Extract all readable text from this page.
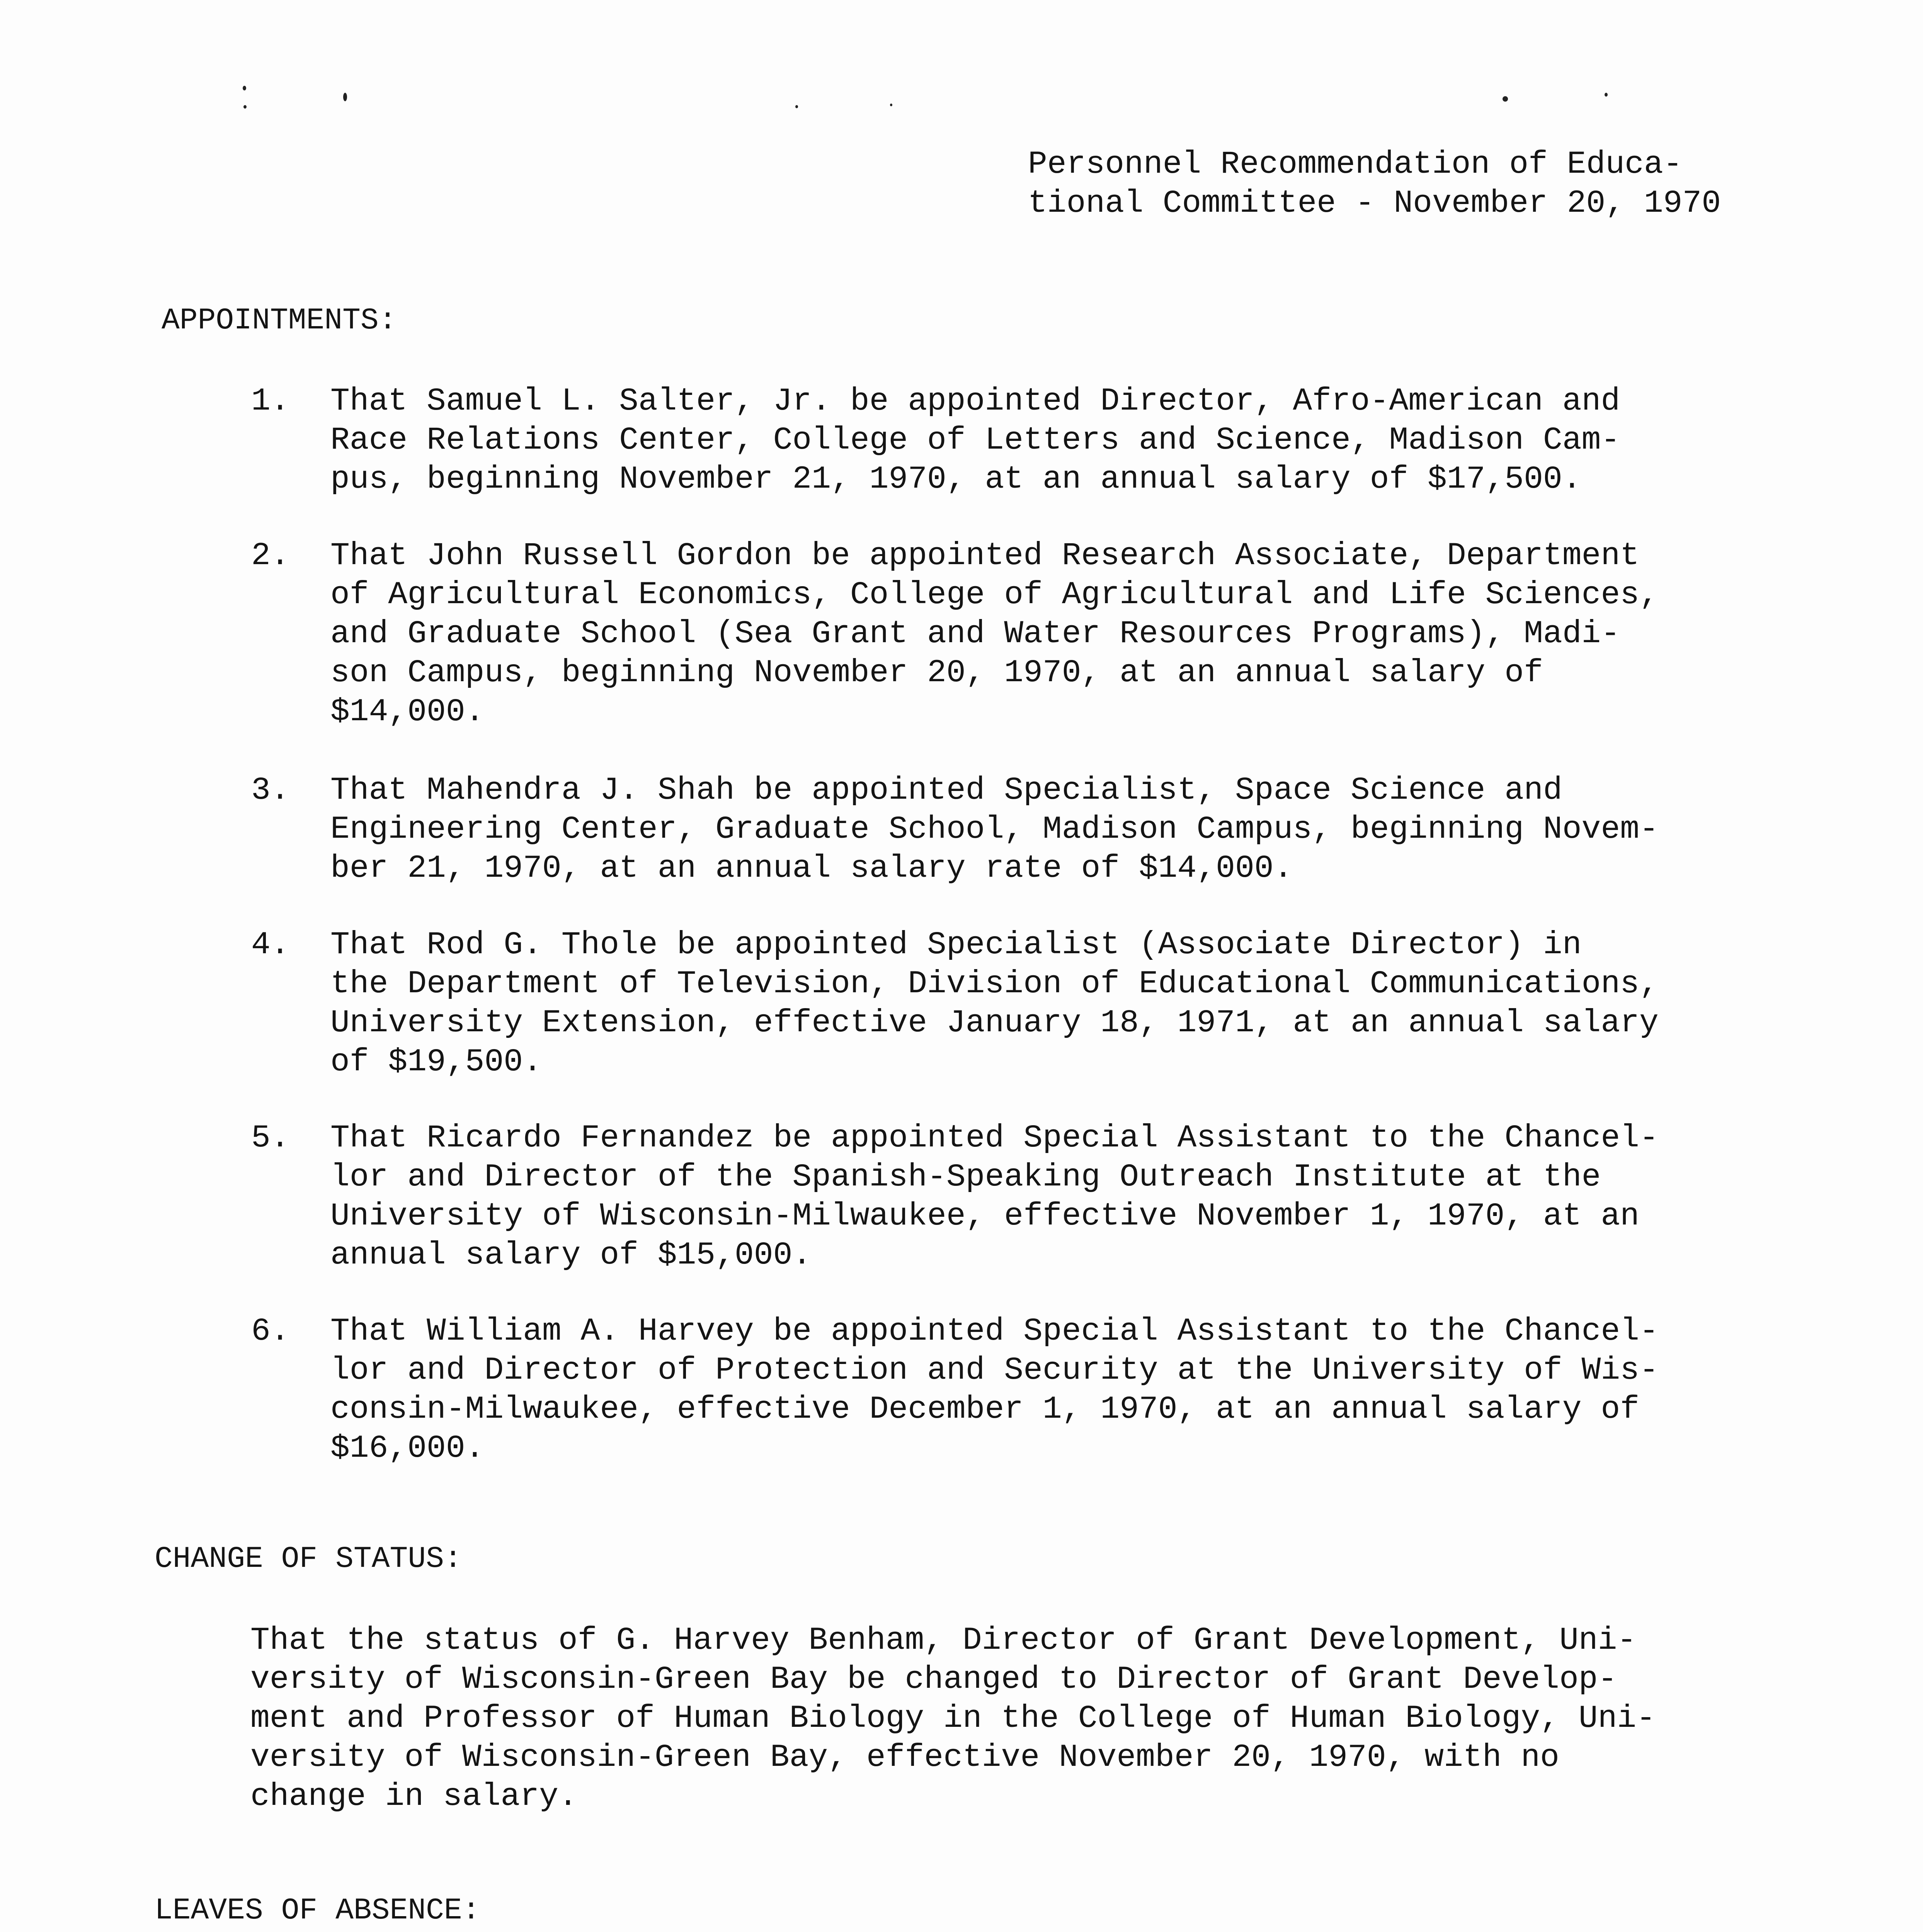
Personnel Recommendation of Educa-
tional Committee - November 20, 1970
APPOINTMENTS:
1. That Samuel L. Salter, Jr. be appointed Director, Afro-American and
Race Relations Center, College of Letters and Science, Madison Cam-
pus, beginning November 21, 1970, at an annual salary of $17,500.
2. That John Russell Gordon be appointed Research Associate, Department
of Agricultural Economics, College of Agricultural and Life Sciences,
and Graduate School (Sea Grant and Water Resources Programs), Madi-
son Campus, beginning November 20, 1970, at an annual salary of
$14,000.
3. That Mahendra J. Shah be appointed Specialist, Space Science and
Engineering Center, Graduate School, Madison Campus, beginning Novem-
ber 21, 1970, at an annual salary rate of $14,000.
4. That Rod G. Thole be appointed Specialist (Associate Director) in
the Department of Television, Division of Educational Communications,
University Extension, effective January 18, 1971, at an annual salary
of $19,500.
5. That Ricardo Fernandez be appointed Special Assistant to the Chancel-
lor and Director of the Spanish-Speaking Outreach Institute at the
University of Wisconsin-Milwaukee, effective November 1, 1970, at an
annual salary of $15,000.
6. That William A. Harvey be appointed Special Assistant to the Chancel-
lor and Director of Protection and Security at the University of Wis-
consin-Milwaukee, effective December 1, 1970, at an annual salary of
$16,000.
CHANGE OF STATUS:
That the status of G. Harvey Benham, Director of Grant Development, Uni-
versity of Wisconsin-Green Bay be changed to Director of Grant Develop-
ment and Professor of Human Biology in the College of Human Biology, Uni-
versity of Wisconsin-Green Bay, effective November 20, 1970, with no
change in salary.
LEAVES OF ABSENCE:
